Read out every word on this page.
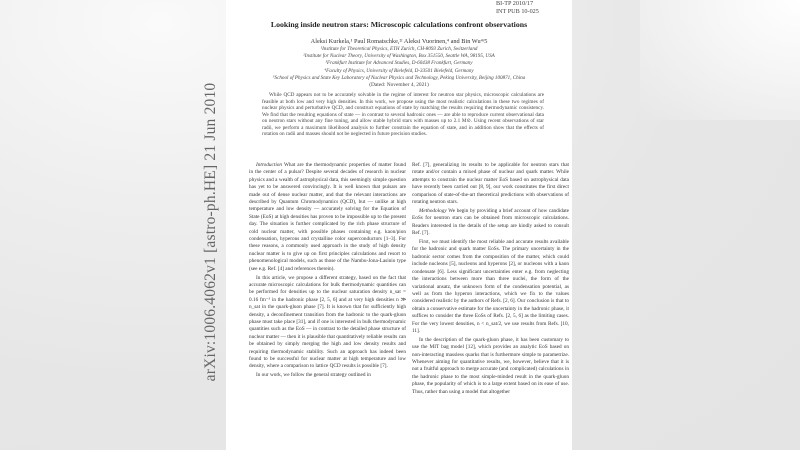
arXiv:1006.4062v1 [astro-ph.HE] 21 Jun 2010
BI-TP 2010/17
INT PUB 10-025
Looking inside neutron stars: Microscopic calculations confront observations
Aleksi Kurkela,¹ Paul Romatschke,²ʳ Aleksi Vuorinen,⁴ and Bin Wu⁴ʳ5
¹Institute for Theoretical Physics, ETH Zurich, CH-8093 Zurich, Switzerland
²Institute for Nuclear Theory, University of Washington, Box 351550, Seattle WA, 98195, USA
³Frankfurt Institute for Advanced Studies, D-60438 Frankfurt, Germany
⁴Faculty of Physics, University of Bielefeld, D-33501 Bielefeld, Germany
⁵School of Physics and State Key Laboratory of Nuclear Physics and Technology, Peking University, Beijing 100871, China
(Dated: November 4, 2021)
While QCD appears not to be accurately solvable in the regime of interest for neutron star physics, microscopic calculations are feasible at both low and very high densities. In this work, we propose using the most realistic calculations in these two regimes of nuclear physics and perturbative QCD, and construct equations of state by matching the results requiring thermodynamic consistency. We find that the resulting equations of state — in contrast to several hadronic ones — are able to reproduce current observational data on neutron stars without any fine tuning, and allow stable hybrid stars with masses up to 2.1 M⊙. Using recent observations of star radii, we perform a maximum likelihood analysis to further constrain the equation of state, and in addition show that the effects of rotation on radii and masses should not be neglected in future precision studies.

Introduction What are the thermodynamic properties of matter found in the center of a pulsar? Despite several decades of research in nuclear physics and a wealth of astrophysical data, this seemingly simple question has yet to be answered convincingly. It is well known that pulsars are made out of dense nuclear matter, and that the relevant interactions are described by Quantum Chromodynamics (QCD), but — unlike at high temperature and low density — accurately solving for the Equation of State (EoS) at high densities has proven to be impossible up to the present day. The situation is further complicated by the rich phase structure of cold nuclear matter, with possible phases containing e.g. kaon/pion condensation, hyperons and crystalline color superconductors [1–3]. For these reasons, a commonly used approach in the study of high density nuclear matter is to give up on first principles calculations and resort to phenomenological models, such as those of the Nambu-Jona-Lasinio type (see e.g. Ref. [4] and references therein).

In this article, we propose a different strategy, based on the fact that accurate microscopic calculations for bulk thermodynamic quantities can be performed for densities up to the nuclear saturation density n_sat = 0.16 fm⁻³ in the hadronic phase [2, 5, 6] and at very high densities n ≫ n_sat in the quark-gluon phase [7]. It is known that for sufficiently high density, a deconfinement transition from the hadronic to the quark-gluon phase must take place [31], and if one is interested in bulk thermodynamic quantities such as the EoS — in contrast to the detailed phase structure of nuclear matter — then it is plausible that quantitatively reliable results can be obtained by simply merging the high and low density results and requiring thermodynamic stability. Such an approach has indeed been found to be successful for nuclear matter at high temperature and low density, where a comparison to lattice QCD results is possible [7].

In our work, we follow the general strategy outlined in

Ref. [7], generalizing its results to be applicable for neutron stars that rotate and/or contain a mixed phase of nuclear and quark matter. While attempts to constrain the nuclear matter EoS based on astrophysical data have recently been carried out [8, 9], our work constitutes the first direct comparison of state-of-the-art theoretical predictions with observations of rotating neutron stars.

Methodology We begin by providing a brief account of how candidate EoSs for neutron stars can be obtained from microscopic calculations. Readers interested in the details of the setup are kindly asked to consult Ref. [7].

First, we must identify the most reliable and accurate results available for the hadronic and quark matter EoSs. The primary uncertainty in the hadronic sector comes from the composition of the matter, which could include nucleons [5], nucleons and hyperons [2], or nucleons with a kaon condensate [6]. Less significant uncertainties enter e.g. from neglecting the interactions between more than three nuclei, the form of the variational ansatz, the unknown form of the condensation potential, as well as from the hyperon interactions, which we fix to the values considered realistic by the authors of Refs. [2, 6]. Our conclusion is that to obtain a conservative estimate for the uncertainty in the hadronic phase, it suffices to consider the three EoSs of Refs. [2, 5, 6] as the limiting cases. For the very lowest densities, n < n_sat/2, we use results from Refs. [10, 11].

In the description of the quark-gluon phase, it has been customary to use the MIT bag model [12], which provides an analytic EoS based on non-interacting massless quarks that is furthermore simple to parametrize. Whenever aiming for quantitative results, we, however, believe that it is not a fruitful approach to merge accurate (and complicated) calculations in the hadronic phase to the most simple-minded result in the quark-gluon phase, the popularity of which is to a large extent based on its ease of use. Thus, rather than using a model that altogether
